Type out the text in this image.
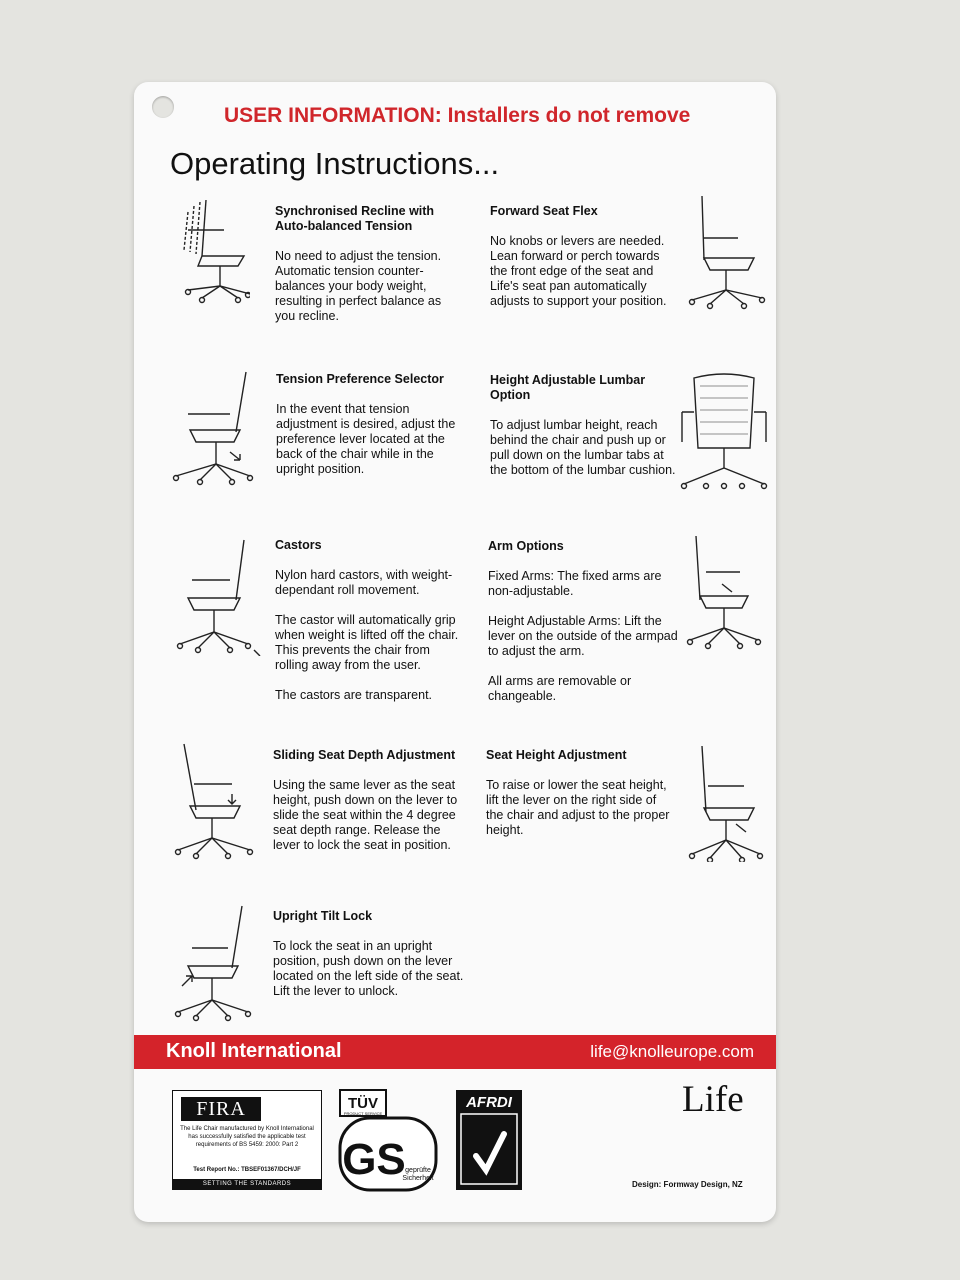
USER INFORMATION: Installers do not remove
Operating Instructions...
Synchronised Recline with Auto-balanced Tension

No need to adjust the tension. Automatic tension counter-balances your body weight, resulting in perfect balance as you recline.

Forward Seat Flex

No knobs or levers are needed. Lean forward or perch towards the front edge of the seat and Life's seat pan automatically adjusts to support your position.

Tension Preference Selector

In the event that tension adjustment is desired, adjust the preference lever located at the back of the chair while in the upright position.

Height Adjustable Lumbar Option

To adjust lumbar height, reach behind the chair and push up or pull down on the lumbar tabs at the bottom of the lumbar cushion.

Castors

Nylon hard castors, with weight-dependant roll movement.

The castor will automatically grip when weight is lifted off the chair. This prevents the chair from rolling away from the user.

The castors are transparent.

Arm Options

Fixed Arms: The fixed arms are non-adjustable.

Height Adjustable Arms: Lift the lever on the outside of the armpad to adjust the arm.

All arms are removable or changeable.

Sliding Seat Depth Adjustment

Using the same lever as the seat height, push down on the lever to slide the seat within the 4 degree seat depth range. Release the lever to lock the seat in position.

Seat Height Adjustment

To raise or lower the seat height, lift the lever on the right side of the chair and adjust to the proper height.

Upright Tilt Lock

To lock the seat in an upright position, push down on the lever located on the left side of the seat. Lift the lever to unlock.

Knoll International	life@knolleurope.com
FIRA
The Life Chair manufactured by Knoll International has successfully satisfied the applicable test requirements of BS 5459: 2000: Part 2
Test Report No.: TBSEF01367/DCH/JF
SETTING THE STANDARDS
TÜV
PRODUCT SERVICE
GS geprüfte
Sicherheit
AFRDI	Life
Design: Formway Design, NZ
